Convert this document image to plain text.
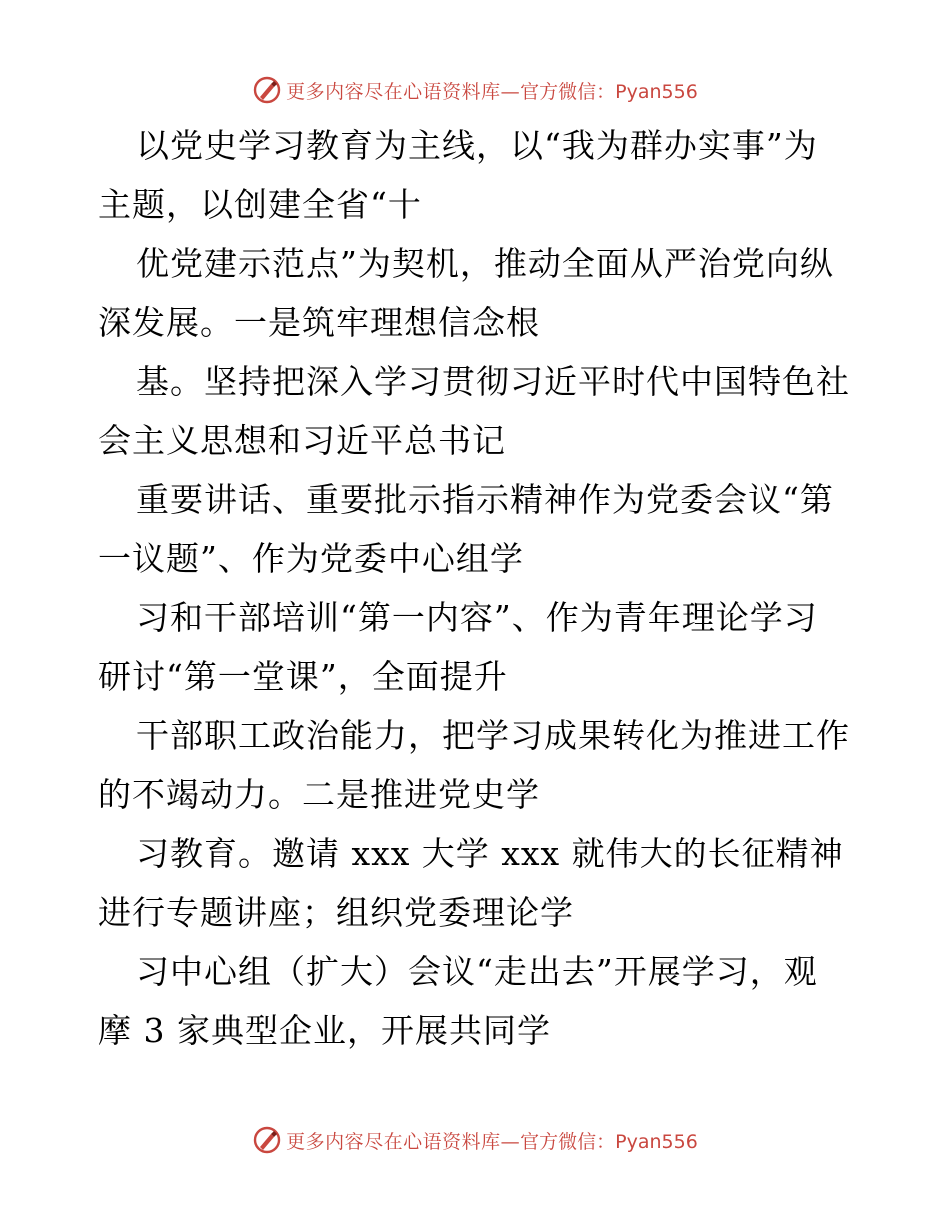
更多内容尽在心语资料库— 官方微信：Pyan556

以党史学习教育为主线，以“我为群办实事”为
主题，以创建全省“十

优党建示范点”为契机，推动全面从严治党向纵
深发展。一是筑牢理想信念根

基。坚持把深入学习贯彻习近平时代中国特色社
会主义思想和习近平总书记

重要讲话、重要批示指示精神作为党委会议“第
一议题”、作为党委中心组学

习和干部培训“第一内容”、作为青年理论学习
研讨“第一堂课”，全面提升

干部职工政治能力，把学习成果转化为推进工作
的不竭动力。二是推进党史学

习教育。邀请 xxx 大学 xxx 就伟大的长征精神
进行专题讲座；组织党委理论学

习中心组（扩大）会议“走出去”开展学习，观
摩 3 家典型企业，开展共同学

更多内容尽在心语资料库— 官方微信：Pyan556
